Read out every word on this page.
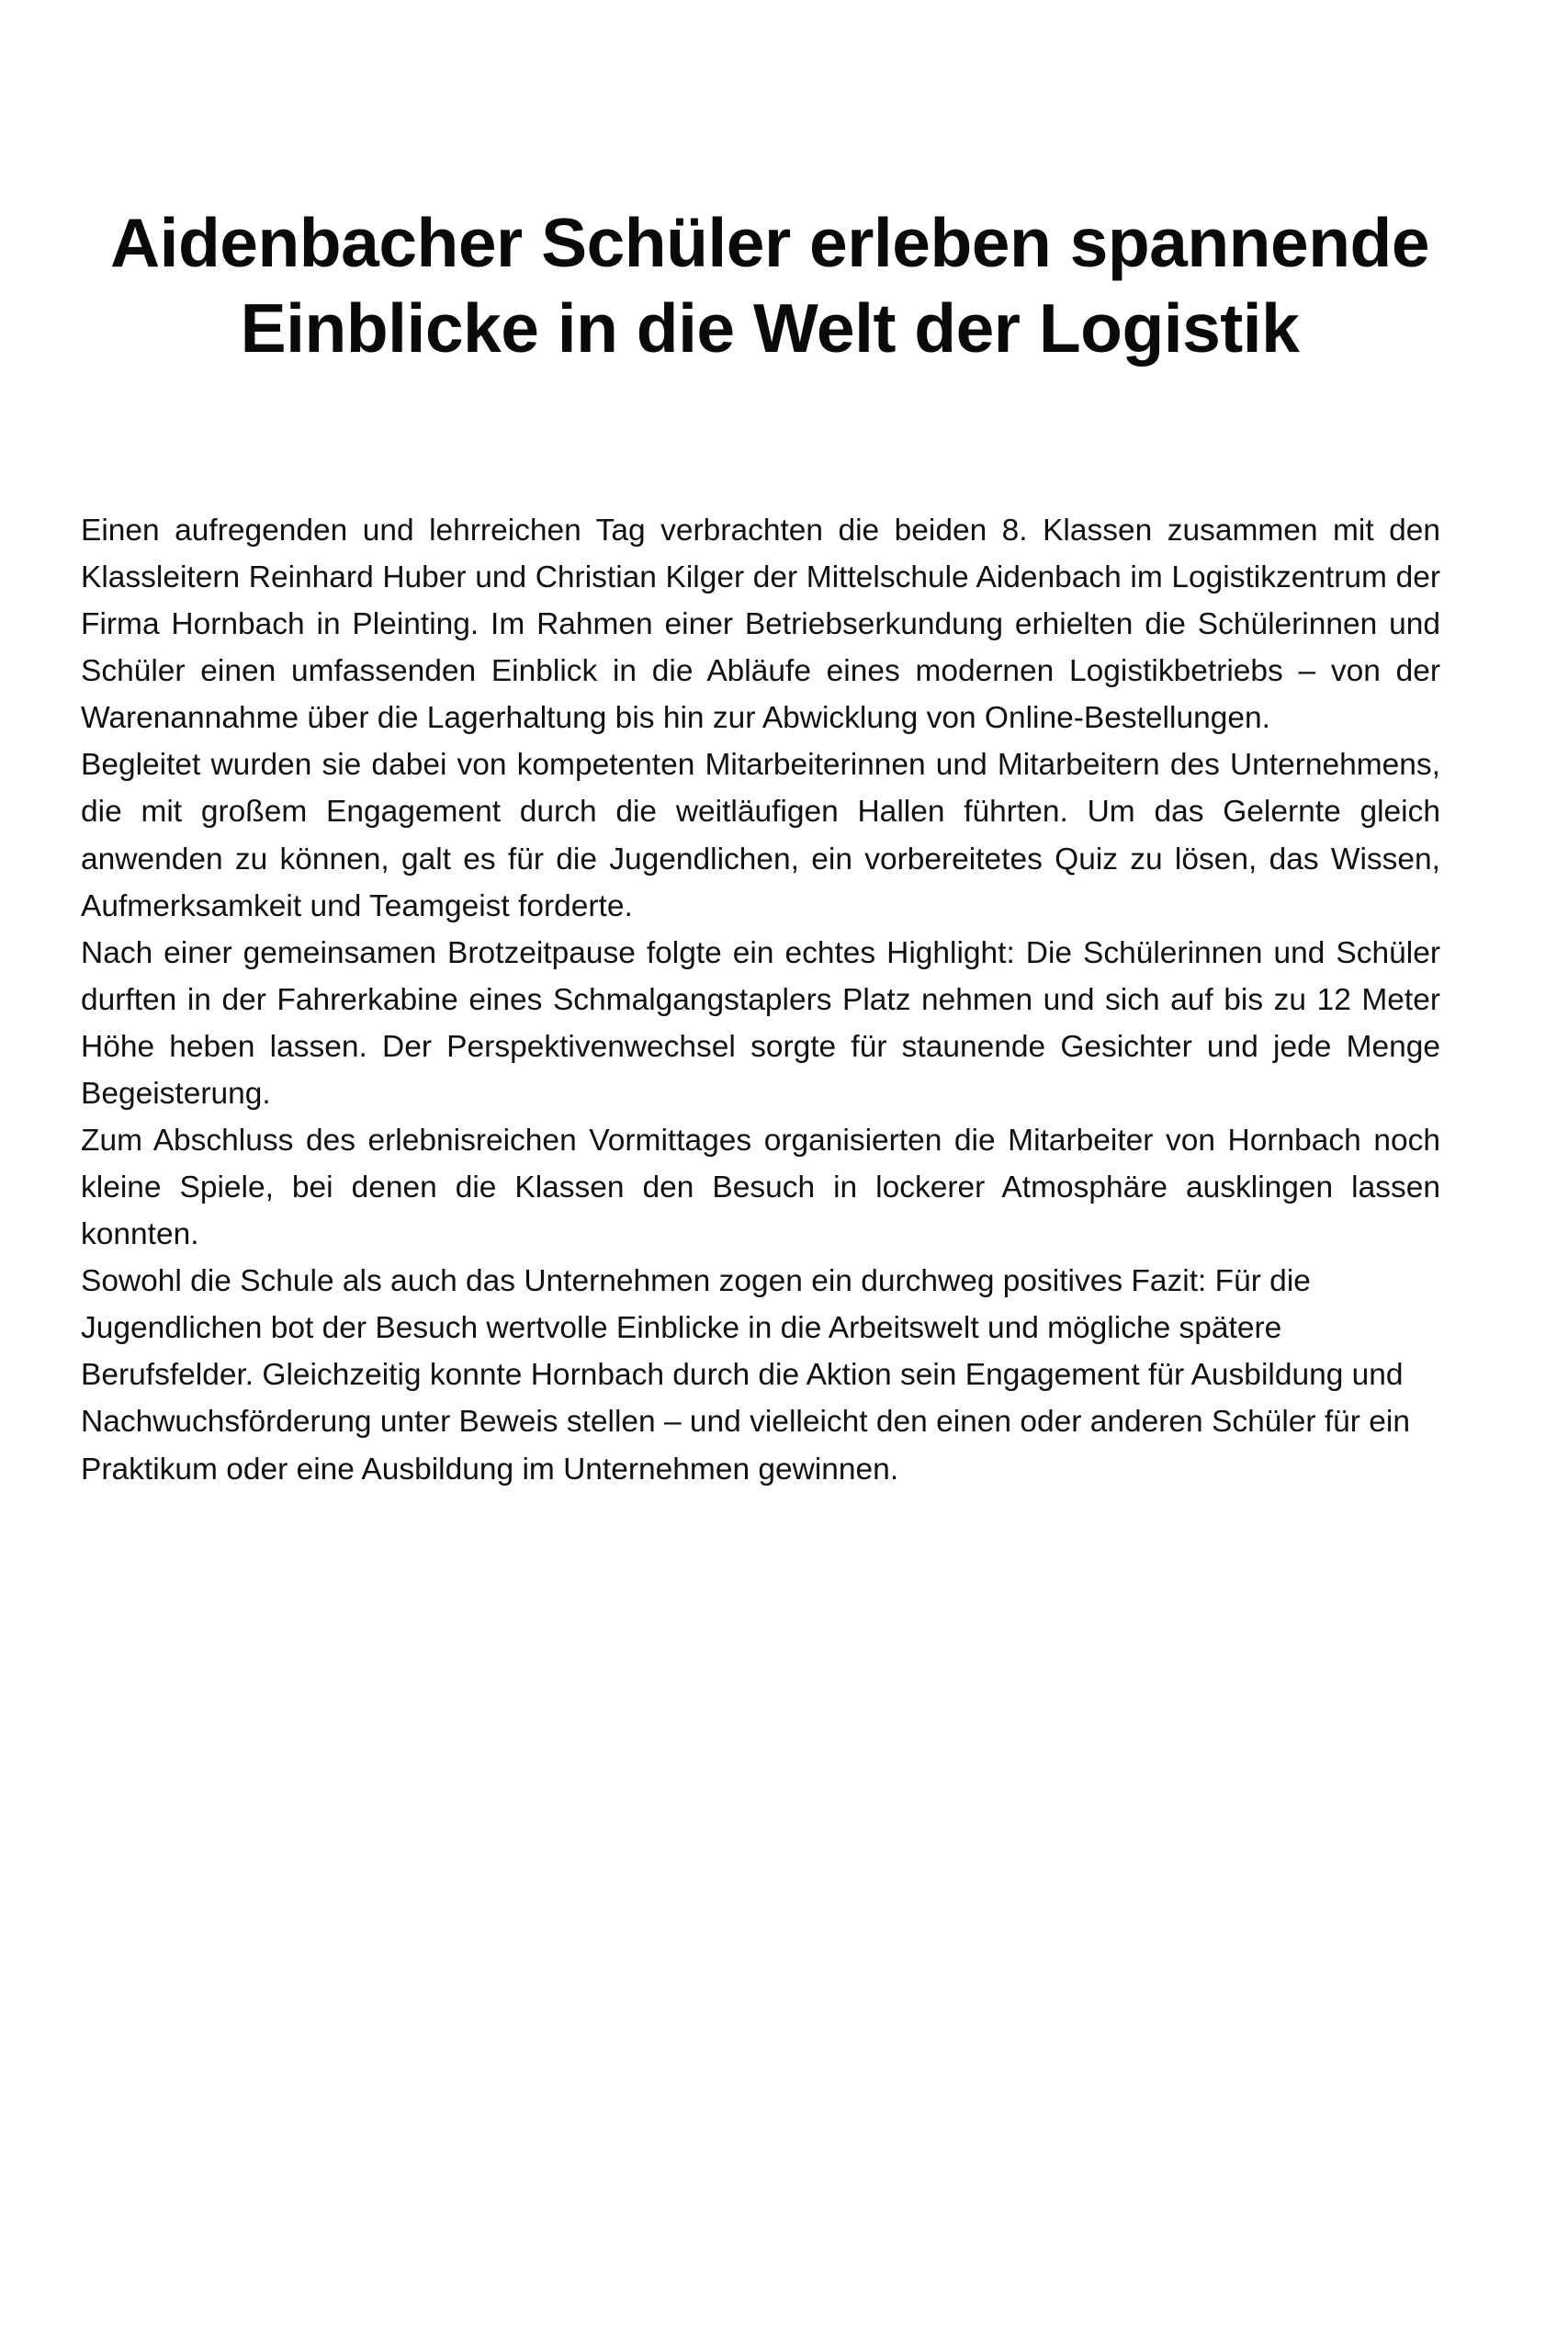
Aidenbacher Schüler erleben spannende Einblicke in die Welt der Logistik

Einen aufregenden und lehrreichen Tag verbrachten die beiden 8. Klassen zusammen mit den Klassleitern Reinhard Huber und Christian Kilger der Mittelschule Aidenbach im Logistikzentrum der Firma Hornbach in Pleinting. Im Rahmen einer Betriebserkundung erhielten die Schülerinnen und Schüler einen umfassenden Einblick in die Abläufe eines modernen Logistikbetriebs – von der Warenannahme über die Lagerhaltung bis hin zur Abwicklung von Online-Bestellungen.

Begleitet wurden sie dabei von kompetenten Mitarbeiterinnen und Mitarbeitern des Unternehmens, die mit großem Engagement durch die weitläufigen Hallen führten. Um das Gelernte gleich anwenden zu können, galt es für die Jugendlichen, ein vorbereitetes Quiz zu lösen, das Wissen, Aufmerksamkeit und Teamgeist forderte.

Nach einer gemeinsamen Brotzeitpause folgte ein echtes Highlight: Die Schülerinnen und Schüler durften in der Fahrerkabine eines Schmalgangstaplers Platz nehmen und sich auf bis zu 12 Meter Höhe heben lassen. Der Perspektivenwechsel sorgte für staunende Gesichter und jede Menge Begeisterung.

Zum Abschluss des erlebnisreichen Vormittages organisierten die Mitarbeiter von Hornbach noch kleine Spiele, bei denen die Klassen den Besuch in lockerer Atmosphäre ausklingen lassen konnten.

Sowohl die Schule als auch das Unternehmen zogen ein durchweg positives Fazit: Für die Jugendlichen bot der Besuch wertvolle Einblicke in die Arbeitswelt und mögliche spätere Berufsfelder. Gleichzeitig konnte Hornbach durch die Aktion sein Engagement für Ausbildung und Nachwuchsförderung unter Beweis stellen – und vielleicht den einen oder anderen Schüler für ein Praktikum oder eine Ausbildung im Unternehmen gewinnen.
